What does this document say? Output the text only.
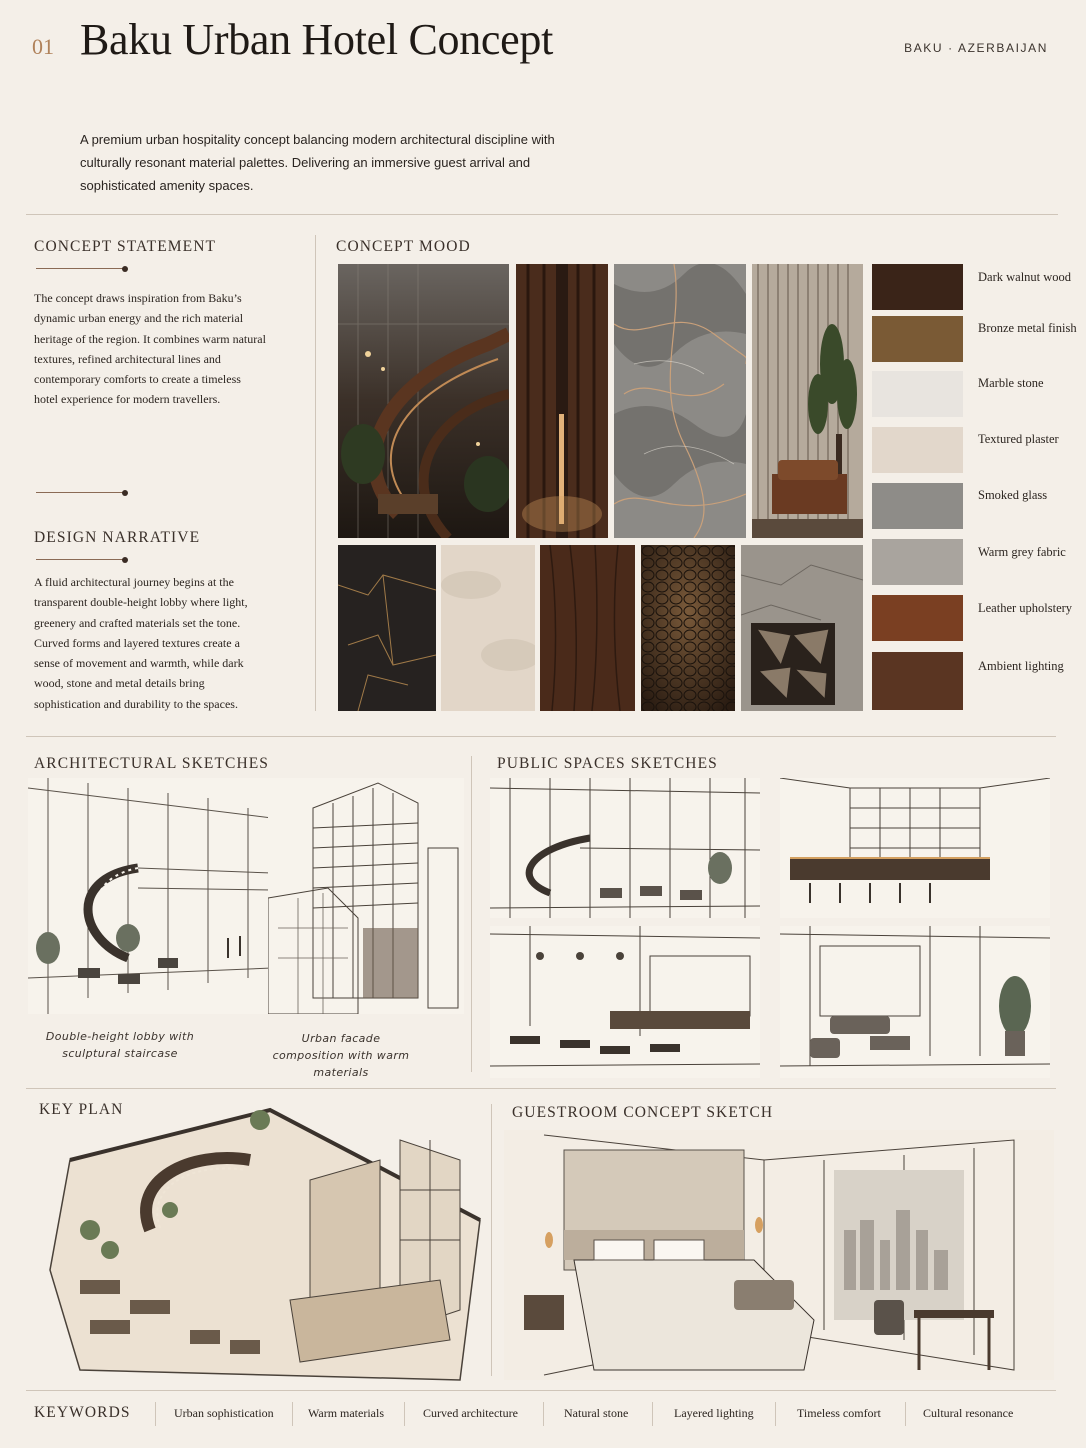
01 Baku Urban Hotel Concept	BAKU · AZERBAIJAN
A premium urban hospitality concept balancing modern architectural discipline with culturally resonant material palettes. Delivering an immersive guest arrival and sophisticated amenity spaces.
CONCEPT STATEMENT
The concept draws inspiration from Baku’s dynamic urban energy and the rich material heritage of the region. It combines warm natural textures, refined architectural lines and contemporary comforts to create a timeless hotel experience for modern travellers.
DESIGN NARRATIVE
A fluid architectural journey begins at the transparent double-height lobby where light, greenery and crafted materials set the tone. Curved forms and layered textures create a sense of movement and warmth, while dark wood, stone and metal details bring sophistication and durability to the spaces.
CONCEPT MOOD
Dark walnut wood
Bronze metal finish
Marble stone
Textured plaster
Smoked glass
Warm grey fabric
Leather upholstery
Ambient lighting
ARCHITECTURAL SKETCHES
Double-height lobby with sculptural staircase
Urban facade composition with warm materials
PUBLIC SPACES SKETCHES
KEY PLAN	GUESTROOM CONCEPT SKETCH
KEYWORDS	Urban sophistication	Warm materials	Curved architecture	Natural stone	Layered lighting	Timeless comfort	Cultural resonance
